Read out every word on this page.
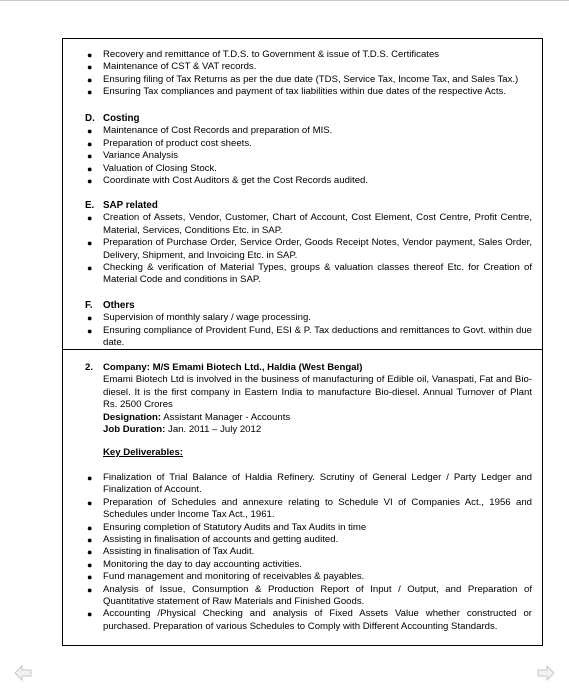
● Recovery and remittance of T.D.S. to Government & issue of T.D.S. Certificates
● Maintenance of CST & VAT records.
● Ensuring filing of Tax Returns as per the due date (TDS, Service Tax, Income Tax, and Sales Tax.)
● Ensuring Tax compliances and payment of tax liabilities within due dates of the respective Acts.
D. Costing
● Maintenance of Cost Records and preparation of MIS.
● Preparation of product cost sheets.
● Variance Analysis
● Valuation of Closing Stock.
● Coordinate with Cost Auditors & get the Cost Records audited.
E. SAP related
● Creation of Assets, Vendor, Customer, Chart of Account, Cost Element, Cost Centre, Profit Centre, Material, Services, Conditions Etc. in SAP.
● Preparation of Purchase Order, Service Order, Goods Receipt Notes, Vendor payment, Sales Order, Delivery, Shipment, and Invoicing Etc. in SAP.
● Checking & verification of Material Types, groups & valuation classes thereof Etc. for Creation of Material Code and conditions in SAP.
F. Others
● Supervision of monthly salary / wage processing.
● Ensuring compliance of Provident Fund, ESI & P. Tax deductions and remittances to Govt. within due date.
2. Company: M/S Emami Biotech Ltd., Haldia (West Bengal)
Emami Biotech Ltd is involved in the business of manufacturing of Edible oil, Vanaspati, Fat and Bio-diesel. It is the first company in Eastern India to manufacture Bio-diesel. Annual Turnover of Plant Rs. 2500 Crores
Designation: Assistant Manager - Accounts
Job Duration: Jan. 2011 – July 2012
Key Deliverables:
● Finalization of Trial Balance of Haldia Refinery. Scrutiny of General Ledger / Party Ledger and Finalization of Account.
● Preparation of Schedules and annexure relating to Schedule VI of Companies Act., 1956 and Schedules under Income Tax Act., 1961.
● Ensuring completion of Statutory Audits and Tax Audits in time
● Assisting in finalisation of accounts and getting audited.
● Assisting in finalisation of Tax Audit.
● Monitoring the day to day accounting activities.
● Fund management and monitoring of receivables & payables.
● Analysis of Issue, Consumption & Production Report of Input / Output, and Preparation of Quantitative statement of Raw Materials and Finished Goods.
● Accounting /Physical Checking and analysis of Fixed Assets Value whether constructed or purchased. Preparation of various Schedules to Comply with Different Accounting Standards.
